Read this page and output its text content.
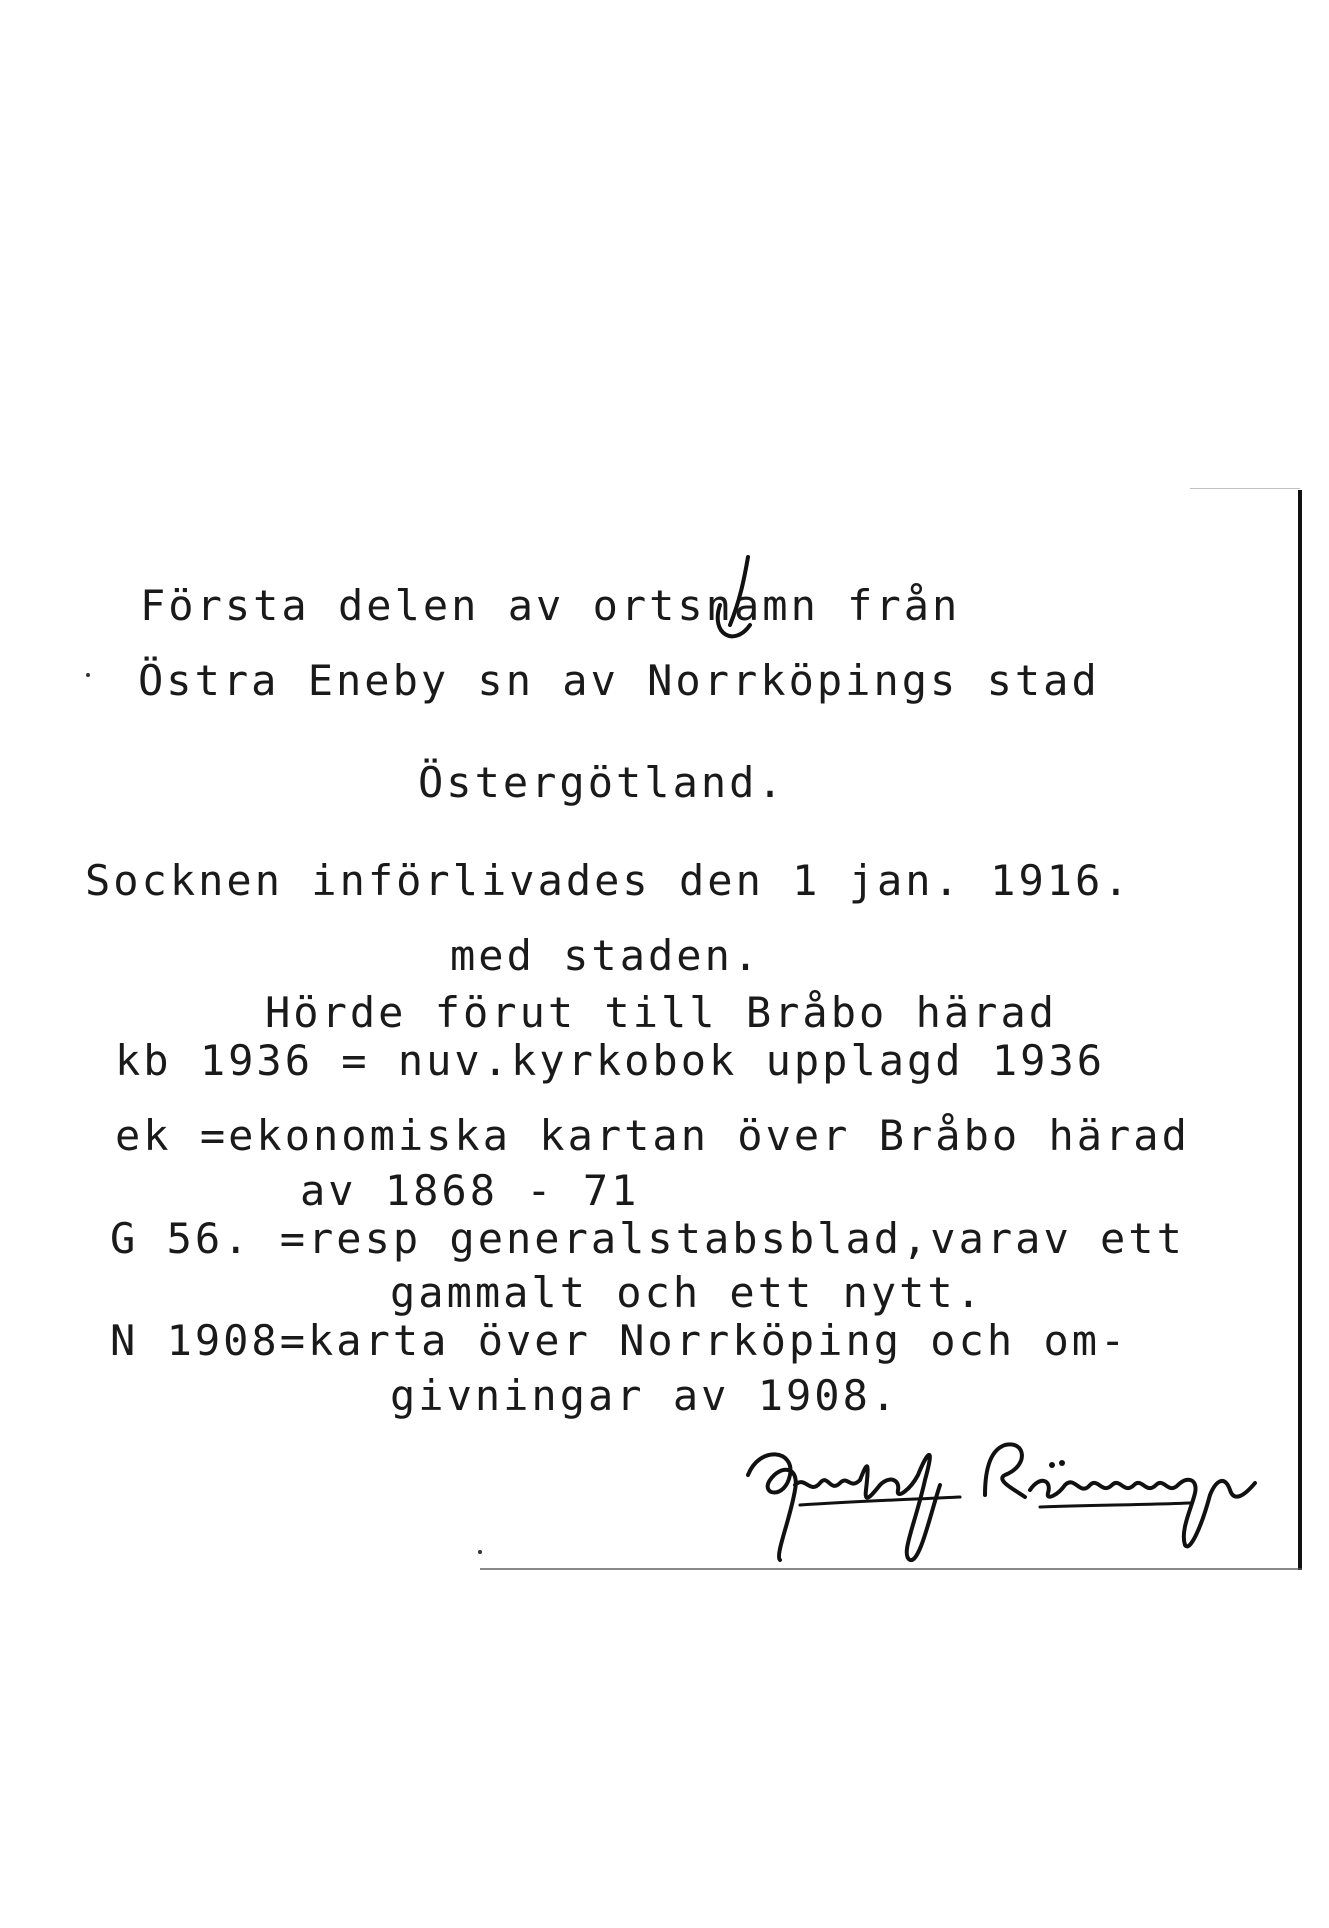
Första delen av ortsnamn från

Östra Eneby sn av Norrköpings stad

Östergötland.

Socknen införlivades den 1 jan. 1916.

med staden.

Hörde förut till Bråbo härad

kb 1936 = nuv.kyrkobok upplagd 1936

ek =ekonomiska kartan över Bråbo härad

av 1868 - 71

G 56. =resp generalstabsblad,varav ett

gammalt och ett nytt.

N 1908=karta över Norrköping och om-

givningar av 1908.
